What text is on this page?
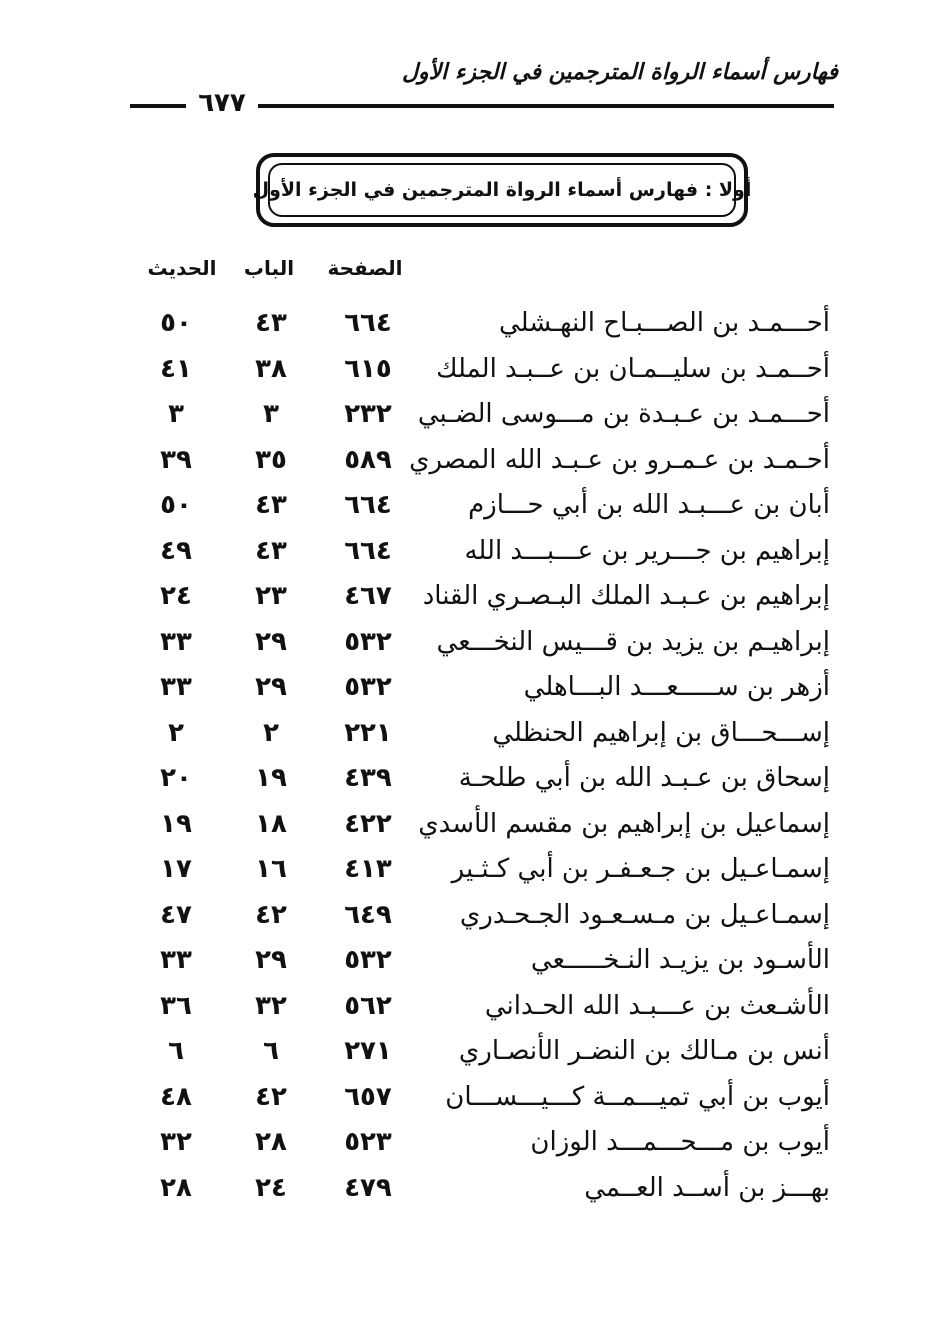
فهارس أسماء الرواة المترجمين في الجزء الأول
٦٧٧
أولا : فهارس أسماء الرواة المترجمين في الجزء الأول
الصفحة
الباب
الحديث
أحـــمـد بن الصـــبـاح النهـشلي
٦٦٤
٤٣
٥٠
أحــمـد بن سليــمـان بن عــبـد الملك
٦١٥
٣٨
٤١
أحـــمـد بن عـبـدة بن مـــوسى الضـبي
٢٣٢
٣
٣
أحـمـد بن عـمـرو بن عـبـد الله المصري
٥٨٩
٣٥
٣٩
أبان بن عـــبـد الله بن أبي حـــازم
٦٦٤
٤٣
٥٠
إبراهيم بن جـــرير بن عـــبـــد الله
٦٦٤
٤٣
٤٩
إبراهيم بن عـبـد الملك البـصـري القناد
٤٦٧
٢٣
٢٤
إبراهيـم بن يزيد بن قـــيس النخـــعي
٥٣٢
٢٩
٣٣
أزهر بن ســـــعـــد البـــاهلي
٥٣٢
٢٩
٣٣
إســـحـــاق بن إبراهيم الحنظلي
٢٢١
٢
٢
إسحاق بن عـبـد الله بن أبي طلحـة
٤٣٩
١٩
٢٠
إسماعيل بن إبراهيم بن مقسم الأسدي
٤٢٢
١٨
١٩
إسمـاعـيل بن جـعـفـر بن أبي كـثـير
٤١٣
١٦
١٧
إسمـاعـيل بن مـسـعـود الجـحـدري
٦٤٩
٤٢
٤٧
الأسـود بن يزيـد النـخـــــعي
٥٣٢
٢٩
٣٣
الأشـعث بن عـــبـد الله الحـداني
٥٦٢
٣٢
٣٦
أنس بن مـالك بن النضـر الأنصـاري
٢٧١
٦
٦
أيوب بن أبي تميـــمــة كـــيـــســـان
٦٥٧
٤٢
٤٨
أيوب بن مـــحـــمـــد الوزان
٥٢٣
٢٨
٣٢
بهـــز بن أســد العــمي
٤٧٩
٢٤
٢٨
